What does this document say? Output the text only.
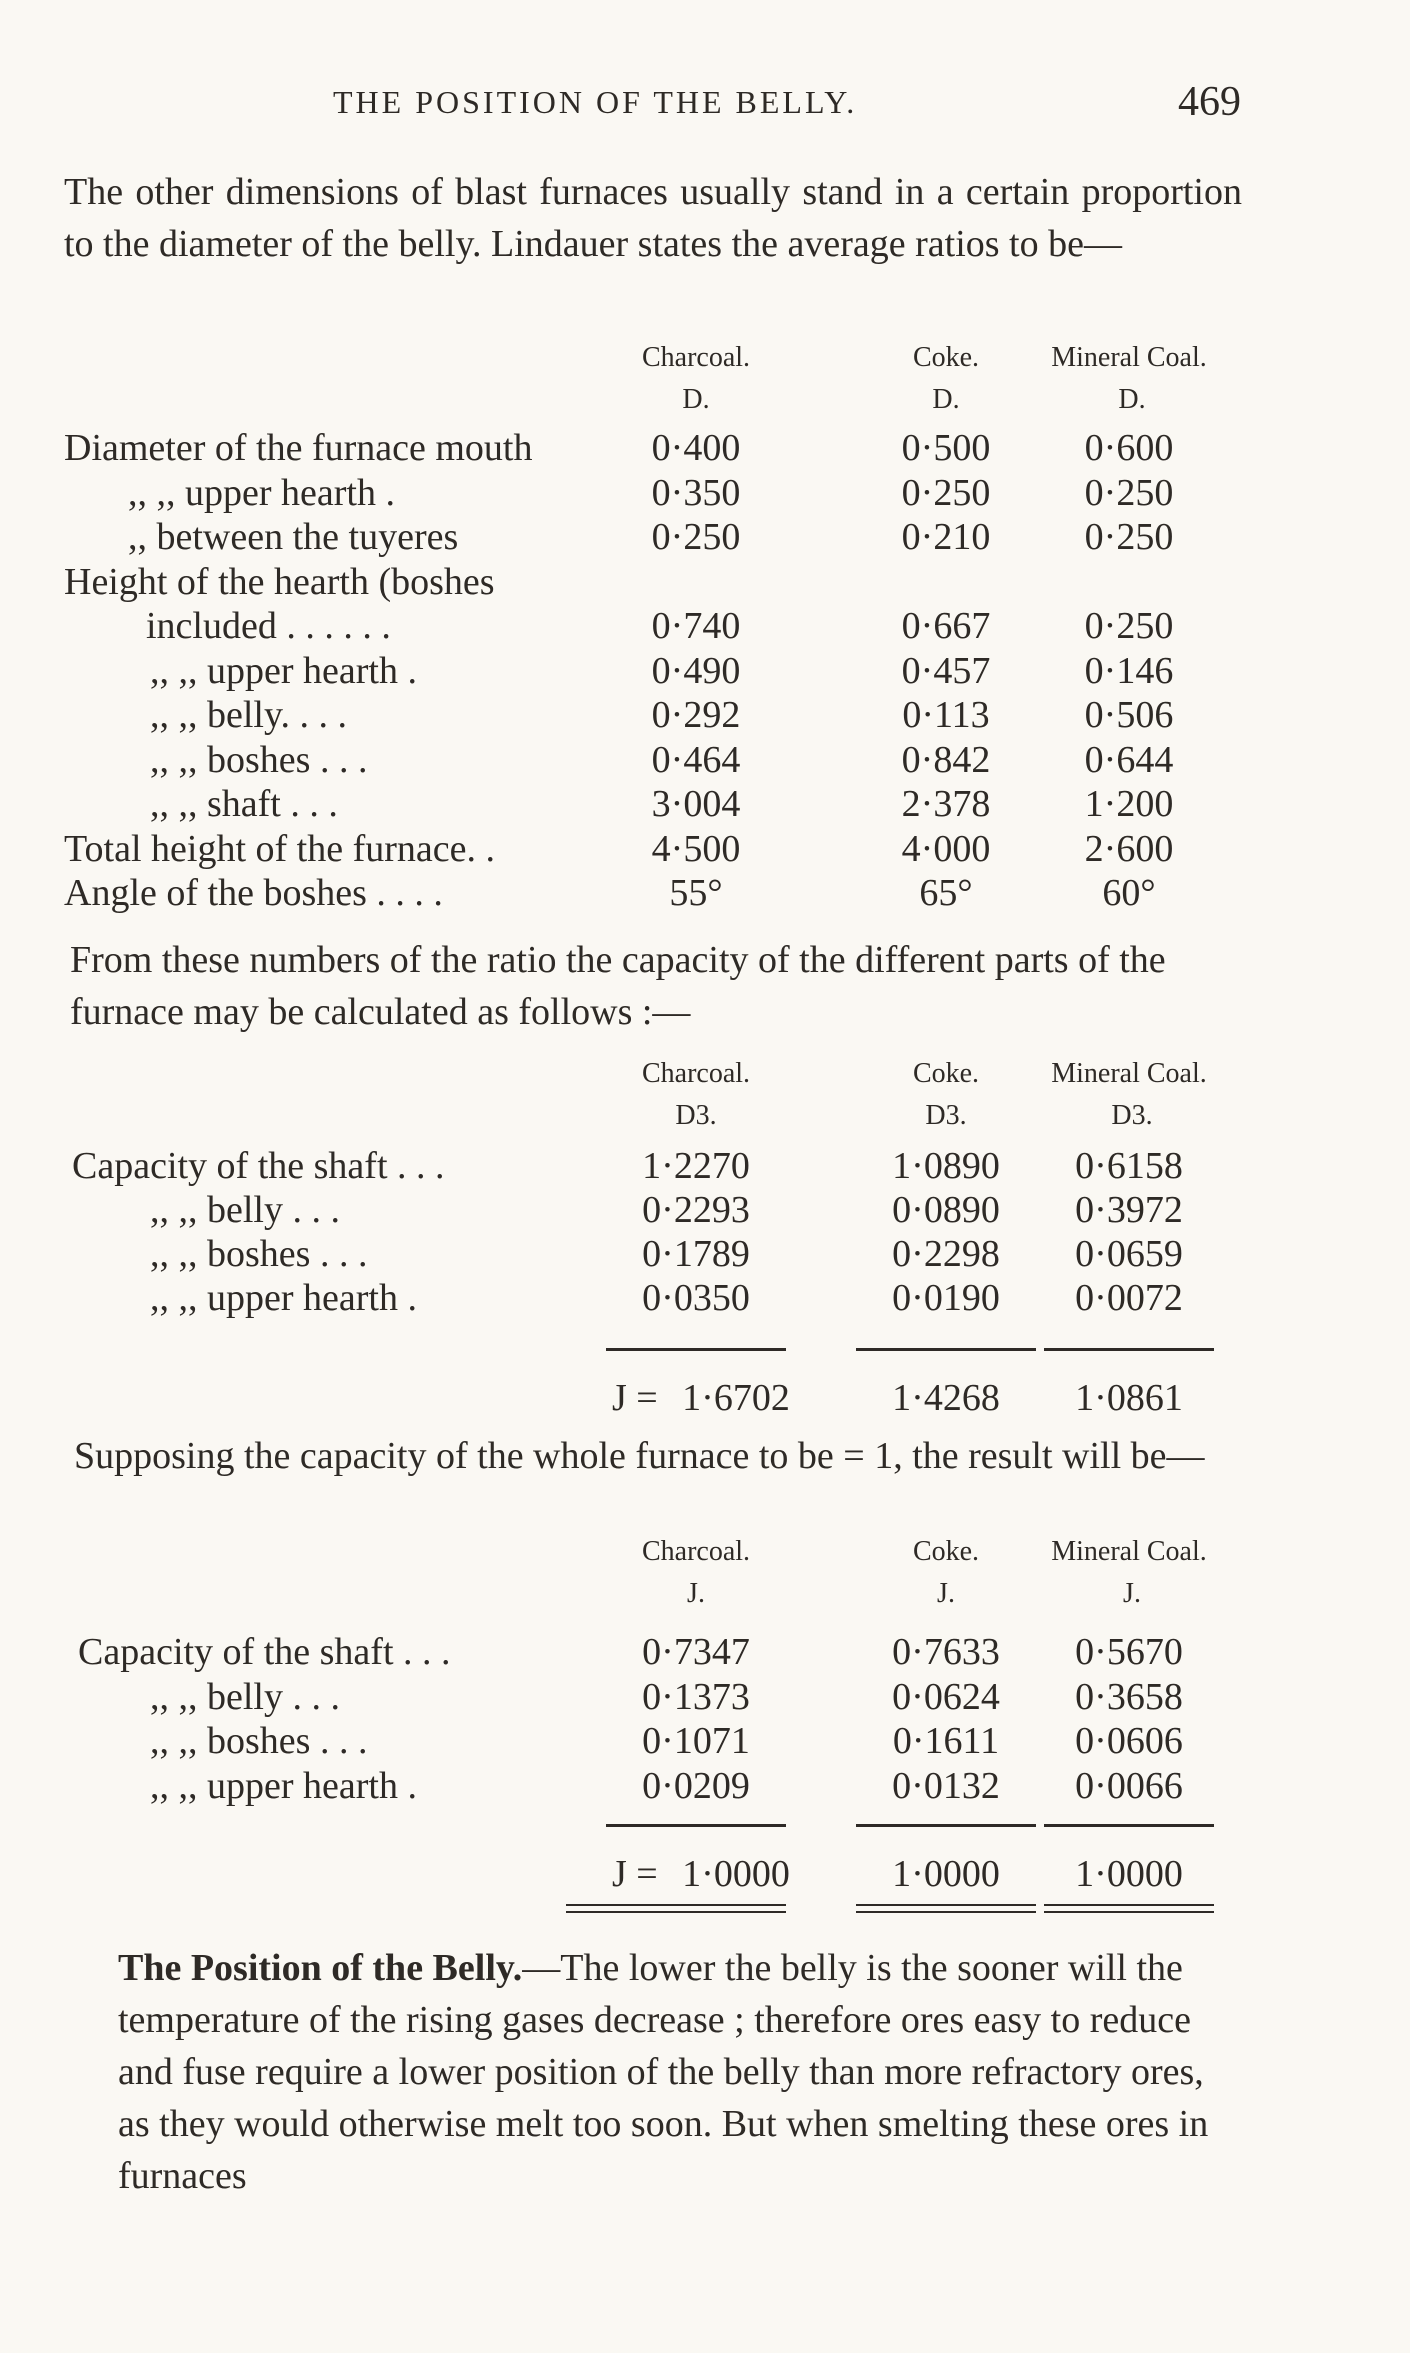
THE POSITION OF THE BELLY.	469
The other dimensions of blast furnaces usually stand in a certain proportion to the diameter of the belly. Lindauer states the average ratios to be—
Charcoal.	Coke.	Mineral Coal.
D.	D.	D.
Diameter of the furnace mouth	0·400	0·500	0·600
,, ,, upper hearth .	0·350	0·250	0·250
,, between the tuyeres	0·250	0·210	0·250
Height of the hearth (boshes
included . . . . . .	0·740	0·667	0·250
,, ,, upper hearth .	0·490	0·457	0·146
,, ,, belly. . . .	0·292	0·113	0·506
,, ,, boshes . . .	0·464	0·842	0·644
,, ,, shaft . . .	3·004	2·378	1·200
Total height of the furnace. .	4·500	4·000	2·600
Angle of the boshes . . . .	55°	65°	60°
From these numbers of the ratio the capacity of the different parts of the furnace may be calculated as follows :—
Charcoal.	Coke.	Mineral Coal.
D3.	D3.	D3.
Capacity of the shaft . . .	1·2270	1·0890	0·6158
,, ,, belly . . .	0·2293	0·0890	0·3972
,, ,, boshes . . .	0·1789	0·2298	0·0659
,, ,, upper hearth .	0·0350	0·0190	0·0072
J = 1·6702	1·4268	1·0861
Supposing the capacity of the whole furnace to be = 1, the result will be—
Charcoal.	Coke.	Mineral Coal.
J.	J.	J.
Capacity of the shaft . . .	0·7347	0·7633	0·5670
,, ,, belly . . .	0·1373	0·0624	0·3658
,, ,, boshes . . .	0·1071	0·1611	0·0606
,, ,, upper hearth .	0·0209	0·0132	0·0066
J = 1·0000	1·0000	1·0000
The Position of the Belly.—The lower the belly is the sooner will the temperature of the rising gases decrease ; therefore ores easy to reduce and fuse require a lower position of the belly than more refractory ores, as they would otherwise melt too soon. But when smelting these ores in furnaces
